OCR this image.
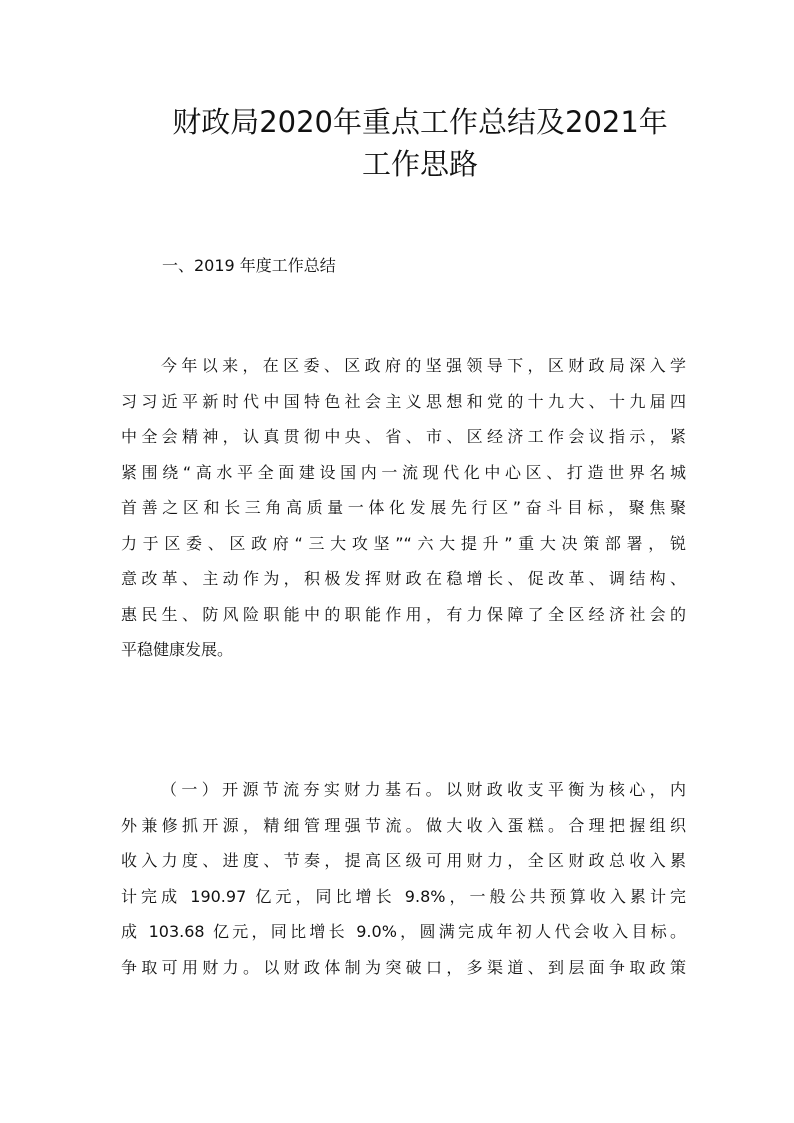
财政局2020年重点工作总结及2021年
工作思路
一、2019 年度工作总结
今年以来，在区委、区政府的坚强领导下，区财政局深入学
习习近平新时代中国特色社会主义思想和党的十九大、十九届四
中全会精神，认真贯彻中央、省、市、区经济工作会议指示，紧
紧围绕“高水平全面建设国内一流现代化中心区、打造世界名城
首善之区和长三角高质量一体化发展先行区”奋斗目标，聚焦聚
力于区委、区政府“三大攻坚”“六大提升”重大决策部署，锐
意改革、主动作为，积极发挥财政在稳增长、促改革、调结构、
惠民生、防风险职能中的职能作用，有力保障了全区经济社会的
平稳健康发展。
（一）开源节流夯实财力基石。以财政收支平衡为核心，内
外兼修抓开源，精细管理强节流。做大收入蛋糕。合理把握组织
收入力度、进度、节奏，提高区级可用财力，全区财政总收入累
计完成 190.97 亿元，同比增长 9.8%，一般公共预算收入累计完
成 103.68 亿元，同比增长 9.0%，圆满完成年初人代会收入目标。
争取可用财力。以财政体制为突破口，多渠道、到层面争取政策
